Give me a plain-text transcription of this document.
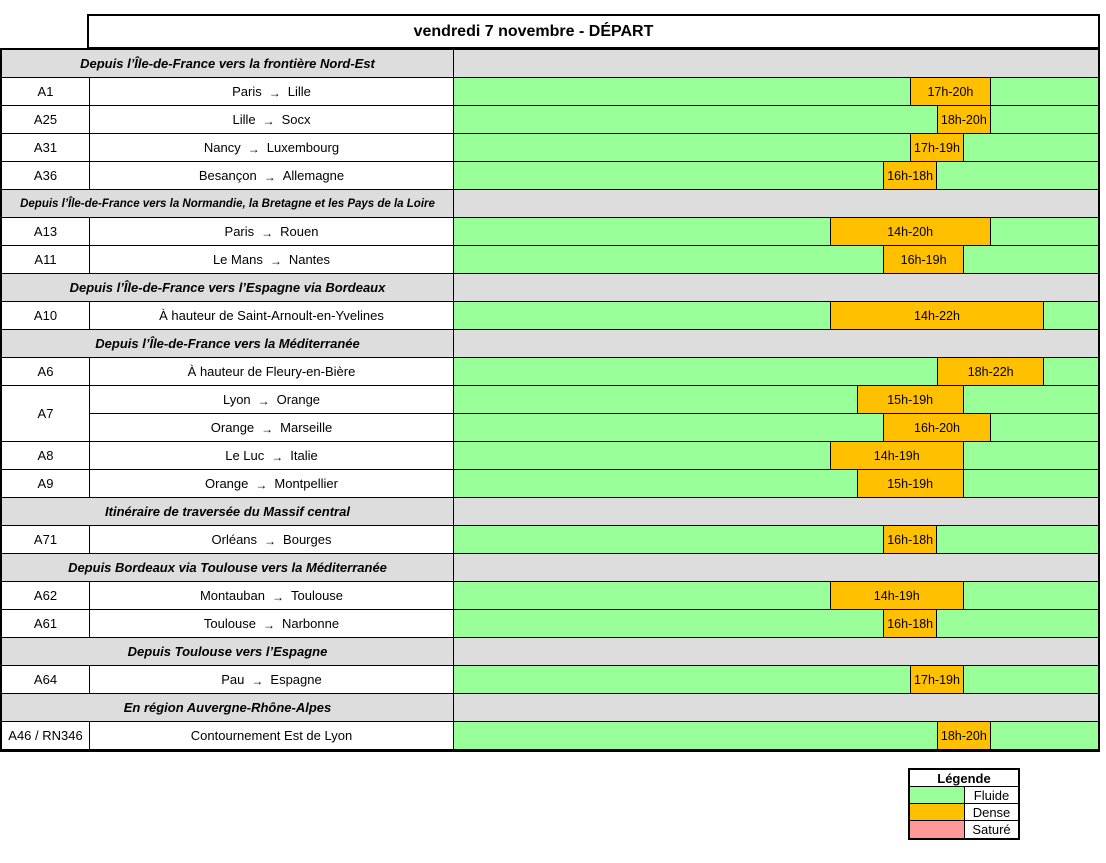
vendredi 7 novembre - DÉPART
Depuis l’Île-de-France vers la frontière Nord-Est
A1	Paris → Lille	17h-20h
A25	Lille → Socx	18h-20h
A31	Nancy → Luxembourg	17h-19h
A36	Besançon → Allemagne	16h-18h
Depuis l’Île-de-France vers la Normandie, la Bretagne et les Pays de la Loire
A13	Paris → Rouen	14h-20h
A11	Le Mans → Nantes	16h-19h
Depuis l’Île-de-France vers l’Espagne via Bordeaux
A10	À hauteur de Saint-Arnoult-en-Yvelines	14h-22h
Depuis l’Île-de-France vers la Méditerranée
A6	À hauteur de Fleury-en-Bière	18h-22h
A7
Lyon → Orange	15h-19h
Orange → Marseille	16h-20h
A8	Le Luc → Italie	14h-19h
A9	Orange → Montpellier	15h-19h
Itinéraire de traversée du Massif central
A71	Orléans → Bourges	16h-18h
Depuis Bordeaux via Toulouse vers la Méditerranée
A62	Montauban → Toulouse	14h-19h
A61	Toulouse → Narbonne	16h-18h
Depuis Toulouse vers l’Espagne
A64	Pau → Espagne	17h-19h
En région Auvergne-Rhône-Alpes
A46 / RN346	Contournement Est de Lyon	18h-20h
Légende
Fluide
Dense
Saturé
